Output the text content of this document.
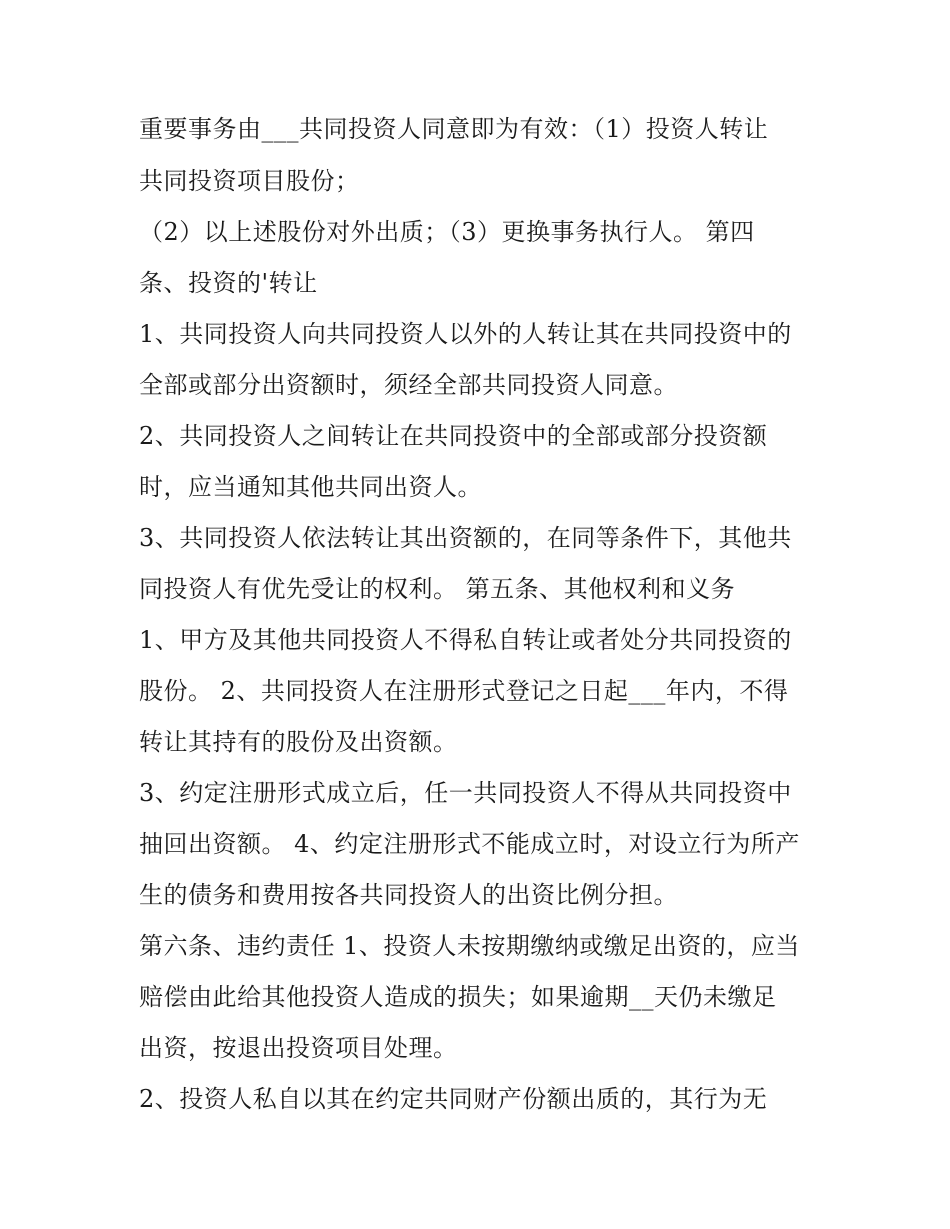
重要事务由___共同投资人同意即为有效：（1）投资人转让
共同投资项目股份；
（2）以上述股份对外出质；（3）更换事务执行人。 第四
条、投资的'转让
1、共同投资人向共同投资人以外的人转让其在共同投资中的
全部或部分出资额时，须经全部共同投资人同意。
2、共同投资人之间转让在共同投资中的全部或部分投资额
时，应当通知其他共同出资人。
3、共同投资人依法转让其出资额的，在同等条件下，其他共
同投资人有优先受让的权利。 第五条、其他权利和义务
1、甲方及其他共同投资人不得私自转让或者处分共同投资的
股份。 2、共同投资人在注册形式登记之日起___年内，不得
转让其持有的股份及出资额。
3、约定注册形式成立后，任一共同投资人不得从共同投资中
抽回出资额。 4、约定注册形式不能成立时，对设立行为所产
生的债务和费用按各共同投资人的出资比例分担。
第六条、违约责任 1、投资人未按期缴纳或缴足出资的，应当
赔偿由此给其他投资人造成的损失；如果逾期__天仍未缴足
出资，按退出投资项目处理。
2、投资人私自以其在约定共同财产份额出质的，其行为无
